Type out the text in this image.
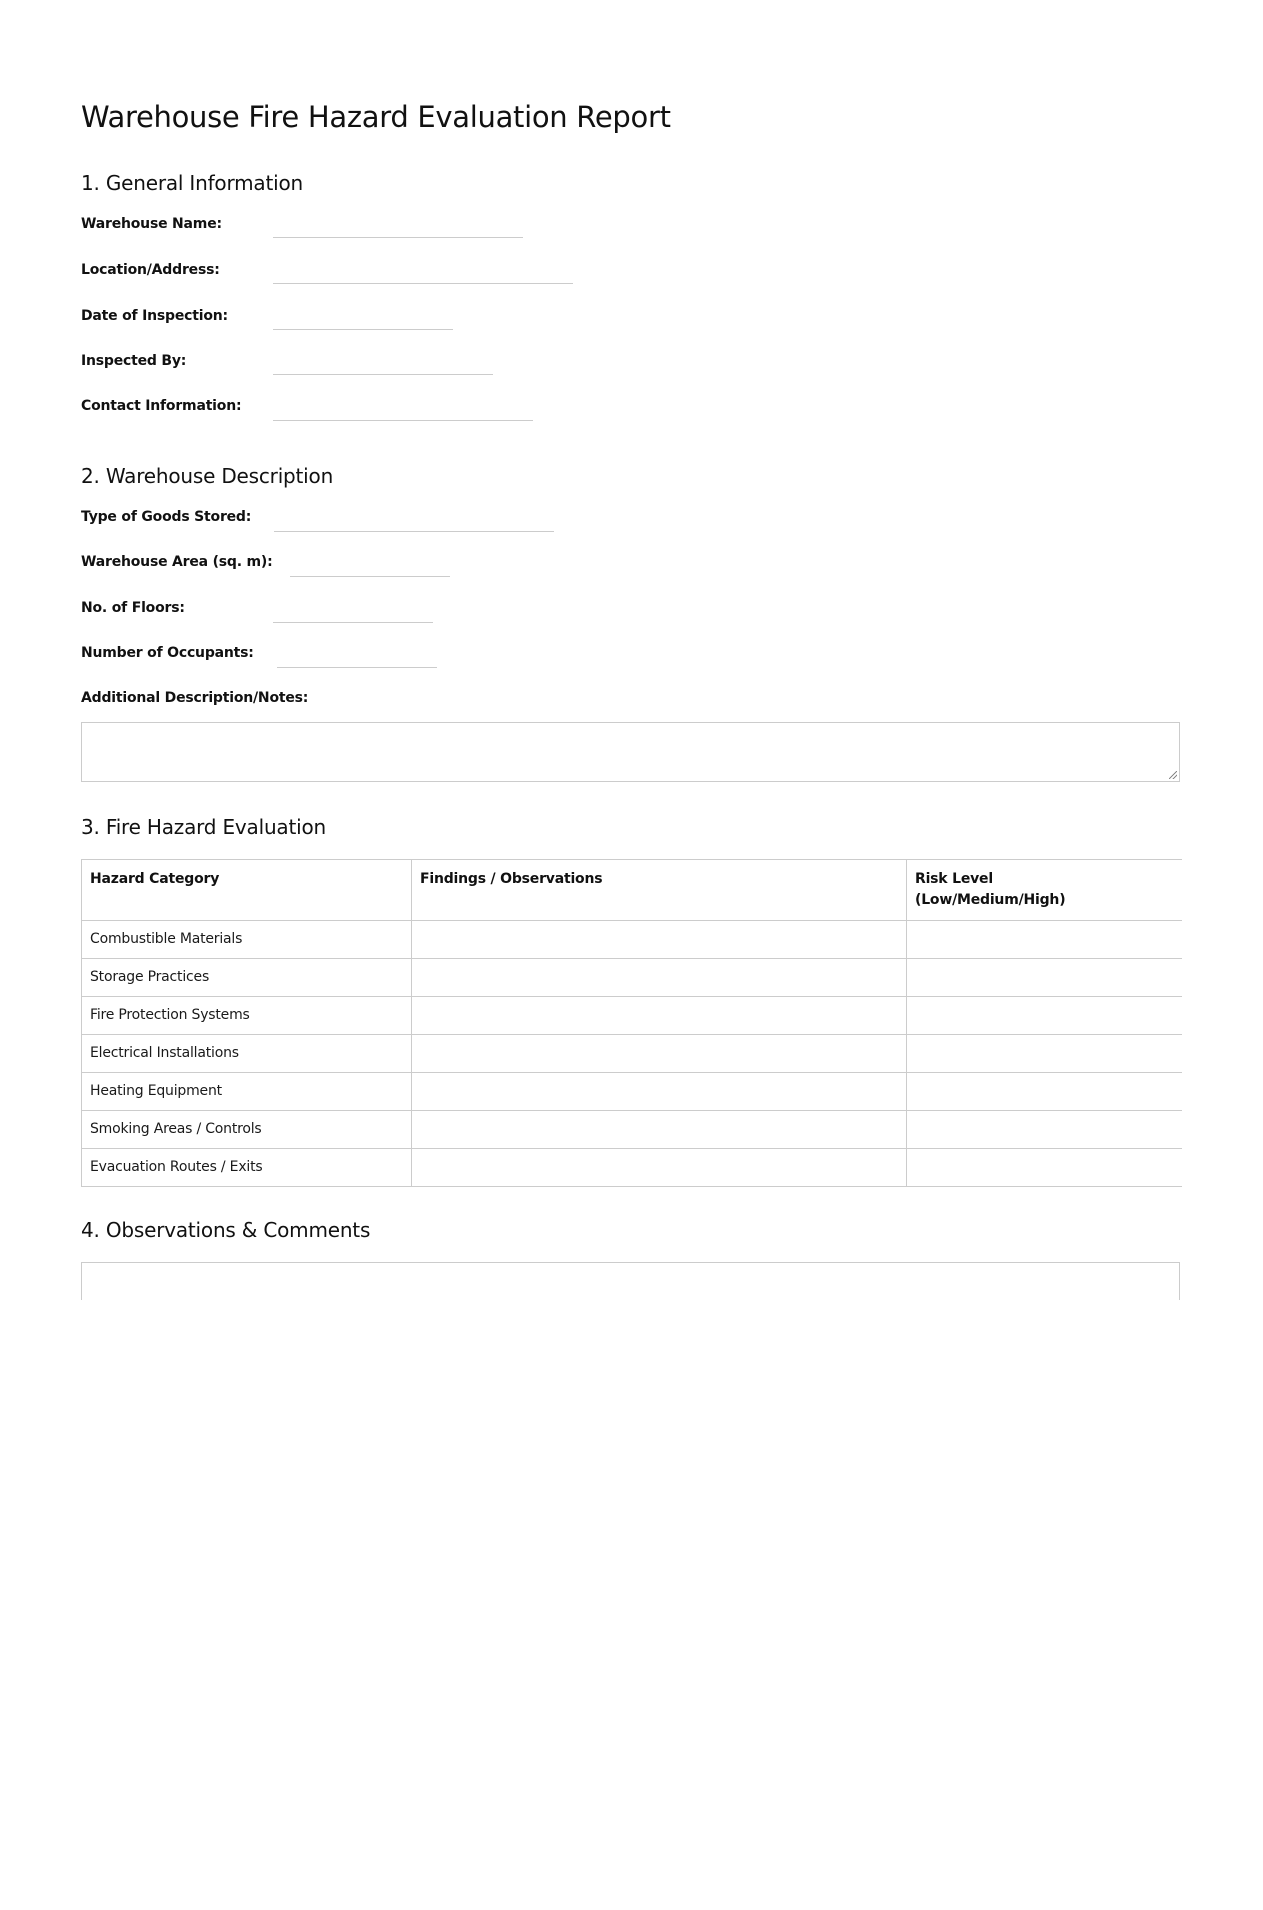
Warehouse Fire Hazard Evaluation Report
1. General Information
Warehouse Name:
Location/Address:
Date of Inspection:
Inspected By:
Contact Information:
2. Warehouse Description
Type of Goods Stored:
Warehouse Area (sq. m):
No. of Floors:
Number of Occupants:
Additional Description/Notes:
3. Fire Hazard Evaluation
Hazard Category	Findings / Observations	Risk Level
(Low/Medium/High)
Combustible Materials		
Storage Practices		
Fire Protection Systems		
Electrical Installations		
Heating Equipment		
Smoking Areas / Controls		
Evacuation Routes / Exits		
4. Observations & Comments
